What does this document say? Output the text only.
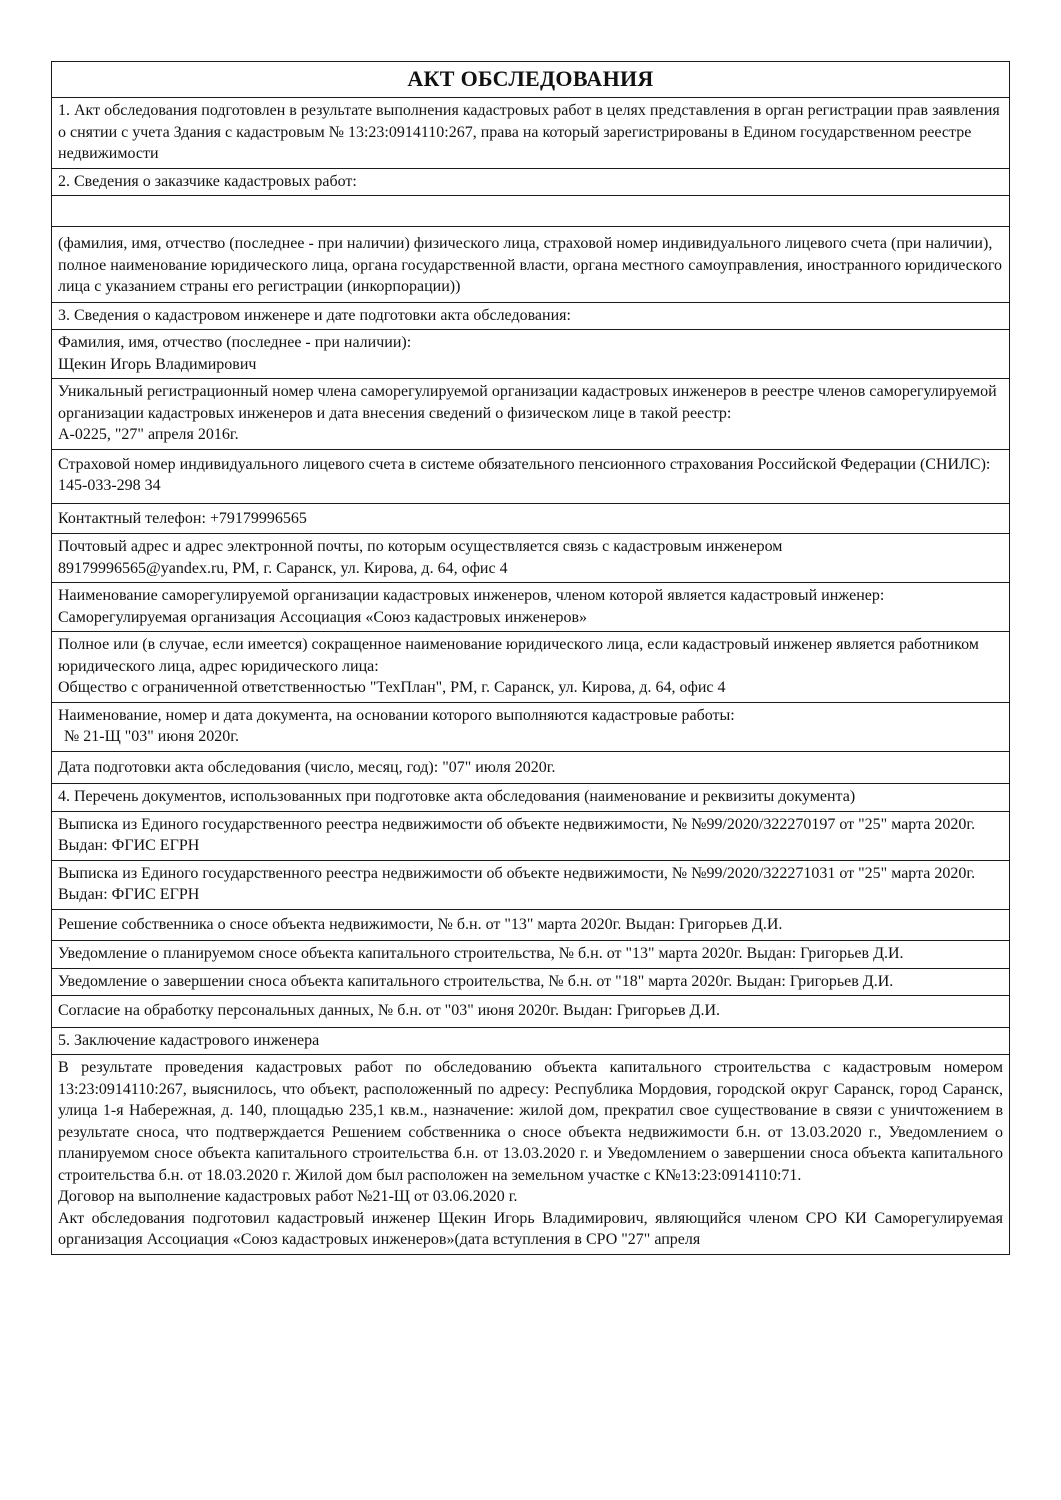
АКТ ОБСЛЕДОВАНИЯ
1. Акт обследования подготовлен в результате выполнения кадастровых работ в целях представления в орган регистрации прав заявления о снятии с учета Здания с кадастровым № 13:23:0914110:267, права на который зарегистрированы в Едином государственном реестре недвижимости
2. Сведения о заказчике кадастровых работ:

(фамилия, имя, отчество (последнее - при наличии) физического лица, страховой номер индивидуального лицевого счета (при наличии), полное наименование юридического лица, органа государственной власти, органа местного самоуправления, иностранного юридического лица с указанием страны его регистрации (инкорпорации))
3. Сведения о кадастровом инженере и дате подготовки акта обследования:

Фамилия, имя, отчество (последнее - при наличии):
Щекин Игорь Владимирович

Уникальный регистрационный номер члена саморегулируемой организации кадастровых инженеров в реестре членов саморегулируемой организации кадастровых инженеров и дата внесения сведений о физическом лице в такой реестр:
А-0225, "27" апреля 2016г.

Страховой номер индивидуального лицевого счета в системе обязательного пенсионного страхования Российской Федерации (СНИЛС): 145-033-298 34
Контактный телефон: +79179996565

Почтовый адрес и адрес электронной почты, по которым осуществляется связь с кадастровым инженером
89179996565@yandex.ru, РМ, г. Саранск, ул. Кирова, д. 64, офис 4

Наименование саморегулируемой организации кадастровых инженеров, членом которой является кадастровый инженер:
Саморегулируемая организация Ассоциация «Союз кадастровых инженеров»

Полное или (в случае, если имеется) сокращенное наименование юридического лица, если кадастровый инженер является работником юридического лица, адрес юридического лица:
Общество с ограниченной ответственностью "ТехПлан", РМ, г. Саранск, ул. Кирова, д. 64, офис 4

Наименование, номер и дата документа, на основании которого выполняются кадастровые работы:
№ 21-Щ "03" июня 2020г.

Дата подготовки акта обследования (число, месяц, год): "07" июля 2020г.
4. Перечень документов, использованных при подготовке акта обследования (наименование и реквизиты документа)
Выписка из Единого государственного реестра недвижимости об объекте недвижимости, № №99/2020/322270197 от "25" марта 2020г. Выдан: ФГИС ЕГРН
Выписка из Единого государственного реестра недвижимости об объекте недвижимости, № №99/2020/322271031 от "25" марта 2020г. Выдан: ФГИС ЕГРН
Решение собственника о сносе объекта недвижимости, № б.н. от "13" марта 2020г. Выдан: Григорьев Д.И.
Уведомление о планируемом сносе объекта капитального строительства, № б.н. от "13" марта 2020г. Выдан: Григорьев Д.И.
Уведомление о завершении сноса объекта капитального строительства, № б.н. от "18" марта 2020г. Выдан: Григорьев Д.И.
Согласие на обработку персональных данных, № б.н. от "03" июня 2020г. Выдан: Григорьев Д.И.
5. Заключение кадастрового инженера

В результате проведения кадастровых работ по обследованию объекта капитального строительства с кадастровым номером 13:23:0914110:267, выяснилось, что объект, расположенный по адресу: Республика Мордовия, городской округ Саранск, город Саранск, улица 1-я Набережная, д. 140, площадью 235,1 кв.м., назначение: жилой дом, прекратил свое существование в связи с уничтожением в результате сноса, что подтверждается Решением собственника о сносе объекта недвижимости б.н. от 13.03.2020 г., Уведомлением о планируемом сносе объекта капитального строительства б.н. от 13.03.2020 г. и Уведомлением о завершении сноса объекта капитального строительства б.н. от 18.03.2020 г. Жилой дом был расположен на земельном участке с К№13:23:0914110:71.
Договор на выполнение кадастровых работ №21-Щ от 03.06.2020 г.
Акт обследования подготовил кадастровый инженер Щекин Игорь Владимирович, являющийся членом СРО КИ Саморегулируемая организация Ассоциация «Союз кадастровых инженеров»(дата вступления в СРО "27" апреля
